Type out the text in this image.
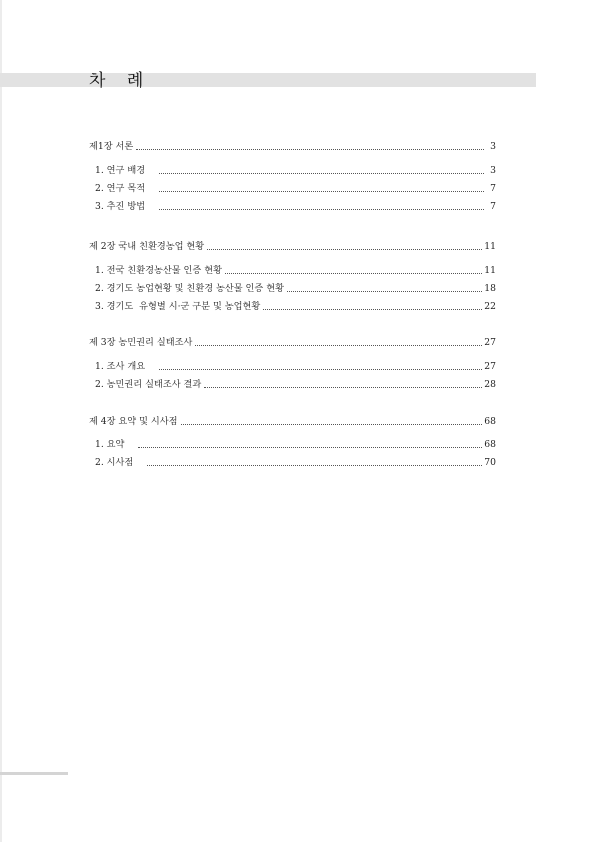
차 례
제1장 서론	3
1. 연구 배경	3
2. 연구 목적	7
3. 추진 방법	7
제 2장 국내 친환경농업 현황	11
1. 전국 친환경농산물 인증 현황	11
2. 경기도 농업현황 및 친환경 농산물 인증 현황	18
3. 경기도  유형별 시·군 구분 및 농업현황	22
제 3장 농민권리 실태조사	27
1. 조사 개요	27
2. 농민권리 실태조사 결과	28
제 4장 요약 및 시사점	68
1. 요약	68
2. 시사점	70
